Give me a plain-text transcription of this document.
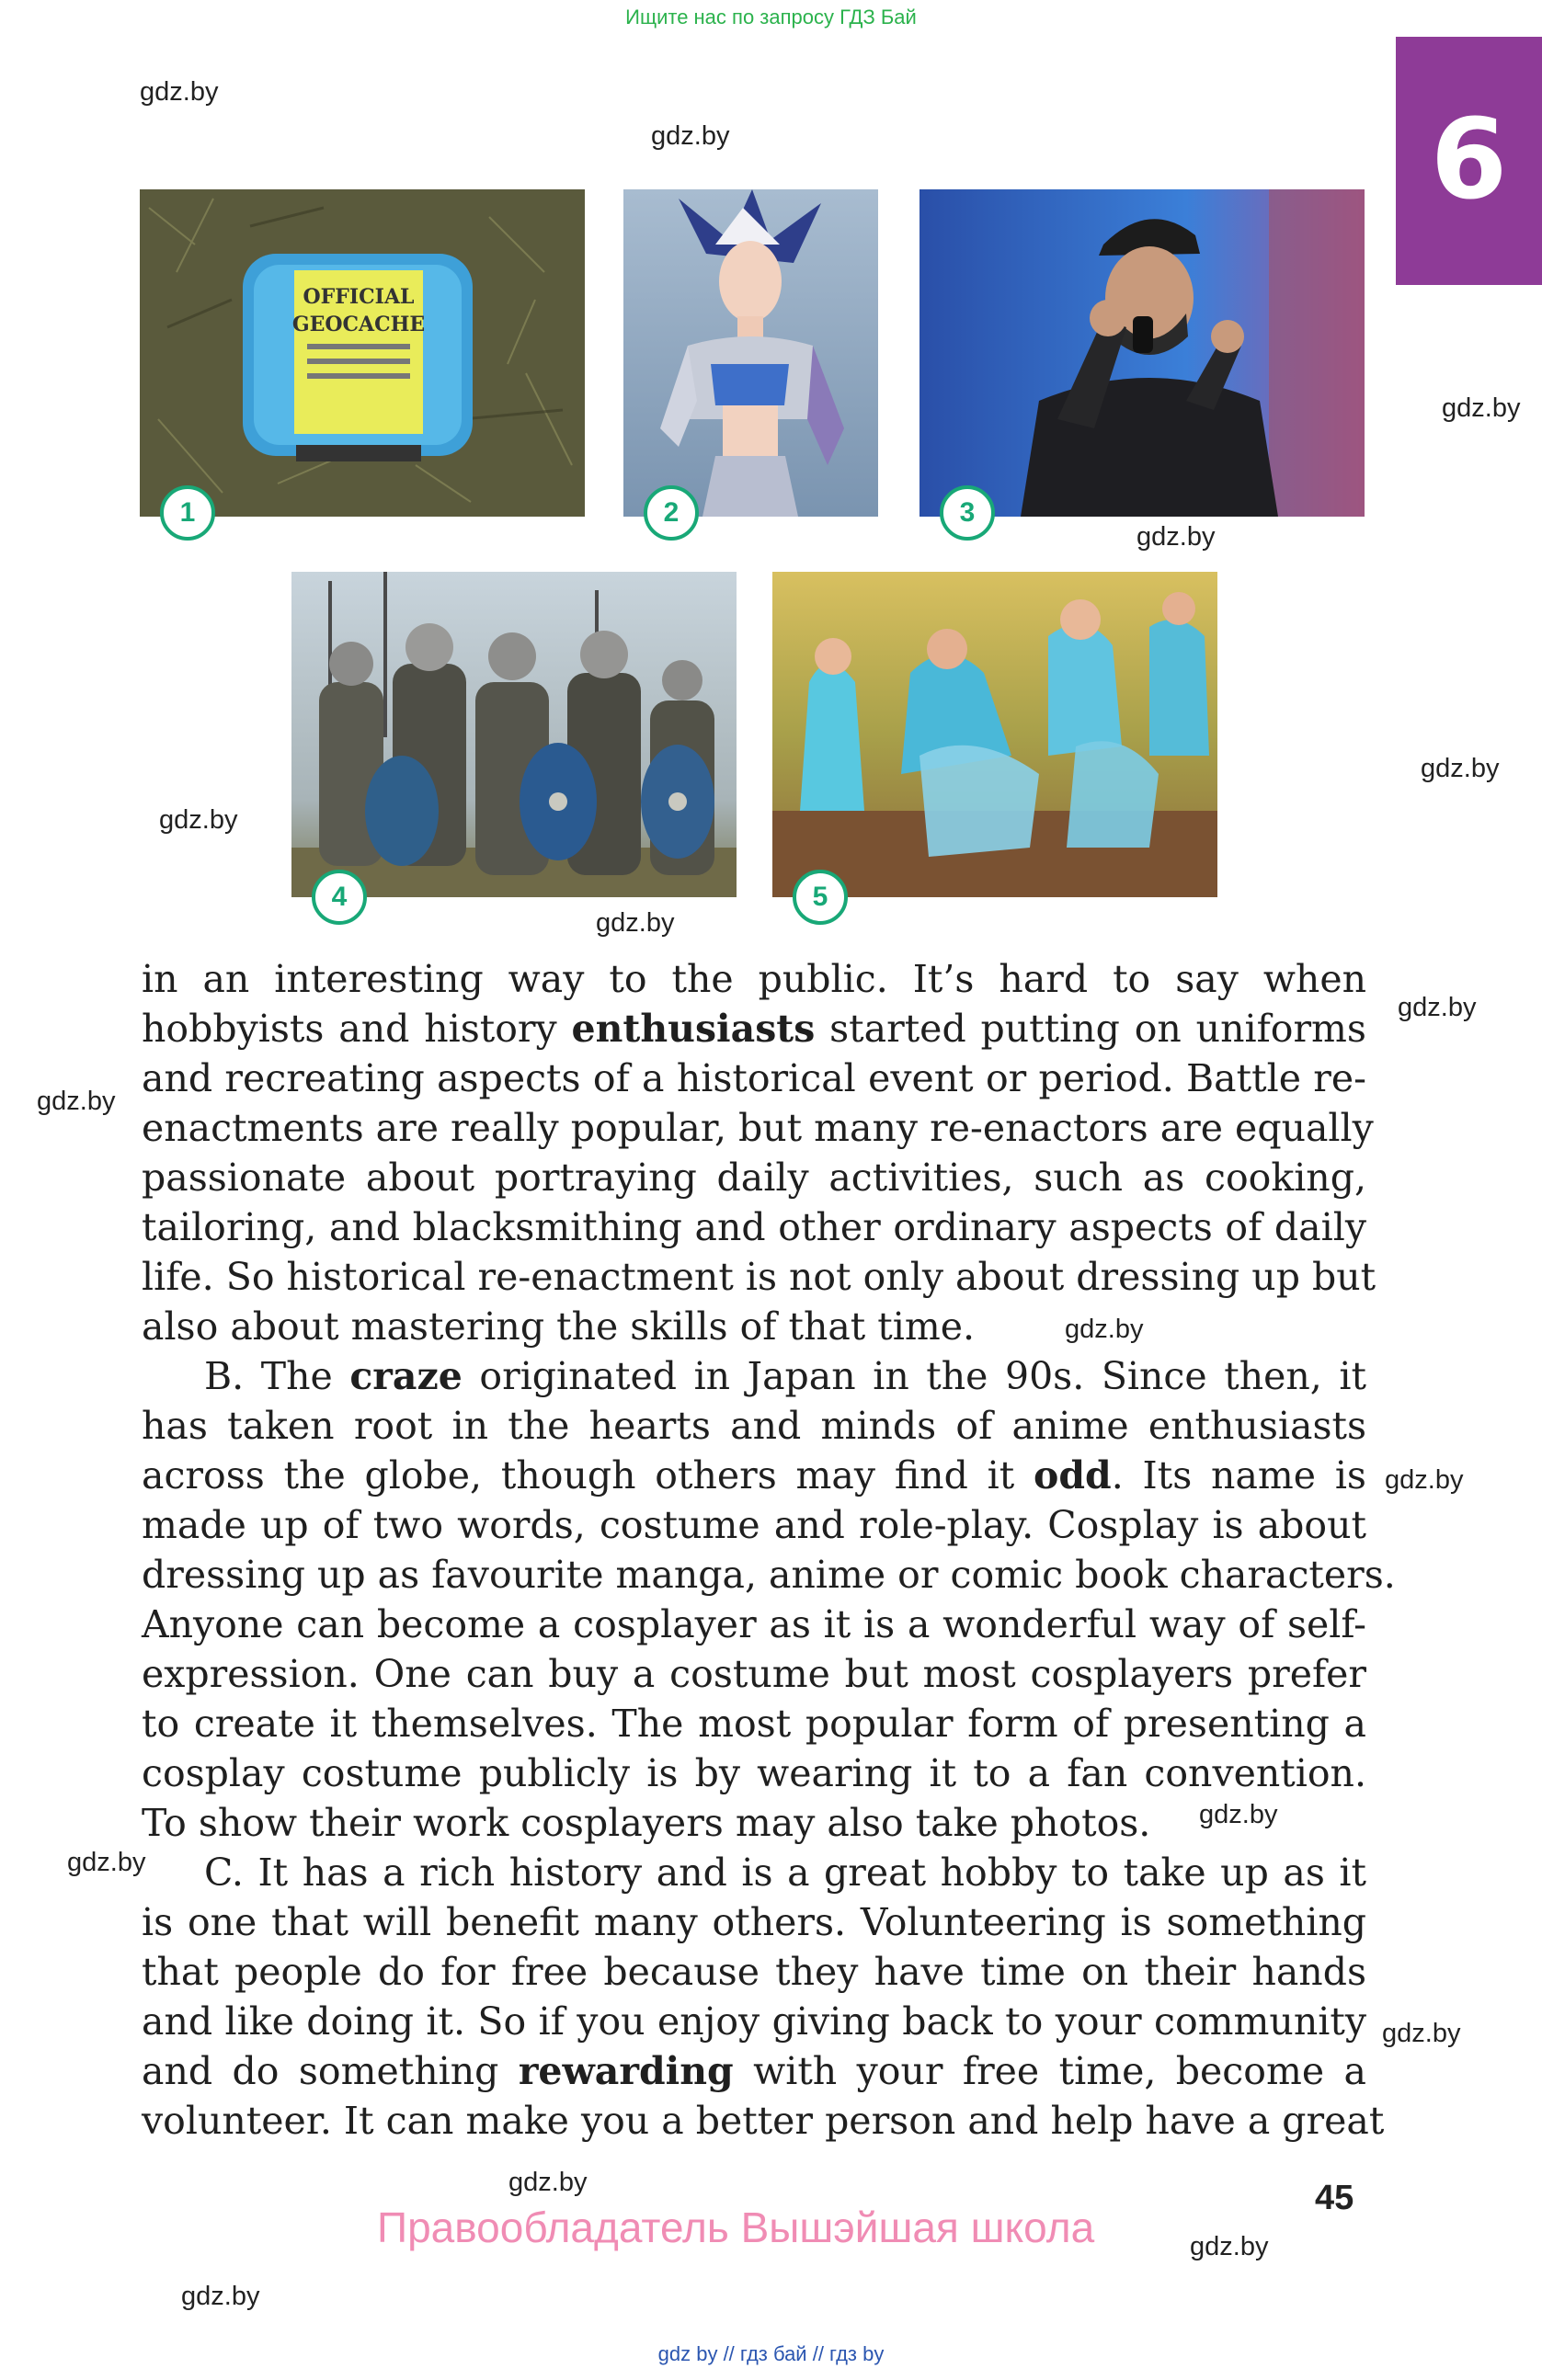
Ищите нас по запросу ГДЗ Бай
6
gdz.by
gdz.by
gdz.by
gdz.by
gdz.by
gdz.by
gdz.by
gdz.by
gdz.by
gdz.by
gdz.by
gdz.by
gdz.by
gdz.by
gdz.by
gdz.by
gdz.by
OFFICIAL
GEOCACHE
1	2	3
4	5
in an interesting way to the public. It’s hard to say when
hobbyists and history enthusiasts started putting on uniforms
and recreating aspects of a historical event or period. Battle re-
enactments are really popular, but many re-enactors are equally
passionate about portraying daily activities, such as cooking,
tailoring, and blacksmithing and other ordinary aspects of daily
life. So historical re-enactment is not only about dressing up but
also about mastering the skills of that time.
B. The craze originated in Japan in the 90s. Since then, it
has taken root in the hearts and minds of anime enthusiasts
across the globe, though others may find it odd. Its name is
made up of two words, costume and role-play. Cosplay is about
dressing up as favourite manga, anime or comic book characters.
Anyone can become a cosplayer as it is a wonderful way of self-
expression. One can buy a costume but most cosplayers prefer
to create it themselves. The most popular form of presenting a
cosplay costume publicly is by wearing it to a fan convention.
To show their work cosplayers may also take photos.
C. It has a rich history and is a great hobby to take up as it
is one that will benefit many others. Volunteering is something
that people do for free because they have time on their hands
and like doing it. So if you enjoy giving back to your community
and do something rewarding with your free time, become a
volunteer. It can make you a better person and help have a great
45
Правообладатель Вышэйшая школа
gdz by // гдз бай // гдз by
